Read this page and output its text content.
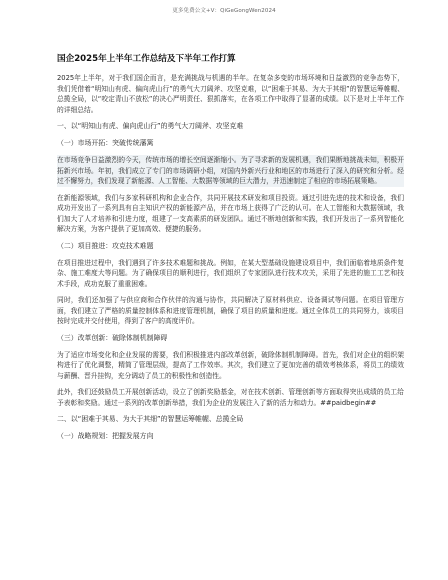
更多免费公文+V：QiGeGongWen2024
国企2025年上半年工作总结及下半年工作打算

2025年上半年，对于我们国企而言，是充满挑战与机遇的半年。在复杂多变的市场环境和日益激烈的竞争态势下，我们凭借着“明知山有虎、偏向虎山行”的勇气大刀阔斧、攻坚克难，以“困难于其易、为大于其细”的智慧运筹帷幄、总揽全局，以“咬定青山不放松”的决心严明责任、狠抓落实，在各项工作中取得了显著的成绩。以下是对上半年工作的详细总结。

一、以“明知山有虎、偏向虎山行”的勇气大刀阔斧、攻坚克难
（一）市场开拓：突破传统藩篱

在市场竞争日益激烈的今天，传统市场的增长空间逐渐缩小。为了寻求新的发展机遇，我们果断地挑战未知，积极开拓新兴市场。年初，我们成立了专门的市场调研小组，对国内外新兴行业和地区的市场进行了深入的研究和分析。经过不懈努力，我们发现了新能源、人工智能、大数据等领域的巨大潜力，并迅速制定了相应的市场拓展策略。

在新能源领域，我们与多家科研机构和企业合作，共同开展技术研发和项目投资。通过引进先进的技术和设备，我们成功开发出了一系列具有自主知识产权的新能源产品，并在市场上获得了广泛的认可。在人工智能和大数据领域，我们加大了人才培养和引进力度，组建了一支高素质的研发团队。通过不断地创新和实践，我们开发出了一系列智能化解决方案，为客户提供了更加高效、便捷的服务。

（二）项目推进：攻克技术难题

在项目推进过程中，我们遇到了许多技术难题和挑战。例如，在某大型基础设施建设项目中，我们面临着地质条件复杂、施工难度大等问题。为了确保项目的顺利进行，我们组织了专家团队进行技术攻关，采用了先进的施工工艺和技术手段，成功克服了重重困难。

同时，我们还加强了与供应商和合作伙伴的沟通与协作，共同解决了原材料供应、设备调试等问题。在项目管理方面，我们建立了严格的质量控制体系和进度管理机制，确保了项目的质量和进度。通过全体员工的共同努力，该项目按时完成并交付使用，得到了客户的高度评价。

（三）改革创新：破除体制机制障碍

为了适应市场变化和企业发展的需要，我们积极推进内部改革创新，破除体制机制障碍。首先，我们对企业的组织架构进行了优化调整，精简了管理层级，提高了工作效率。其次，我们建立了更加完善的绩效考核体系，将员工的绩效与薪酬、晋升挂钩，充分调动了员工的积极性和创造性。

此外，我们还鼓励员工开展创新活动，设立了创新奖励基金，对在技术创新、管理创新等方面取得突出成绩的员工给予表彰和奖励。通过一系列的改革创新举措，我们为企业的发展注入了新的活力和动力。##paidbegin##

二、以“困难于其易、为大于其细”的智慧运筹帷幄、总揽全局
（一）战略规划：把握发展方向
